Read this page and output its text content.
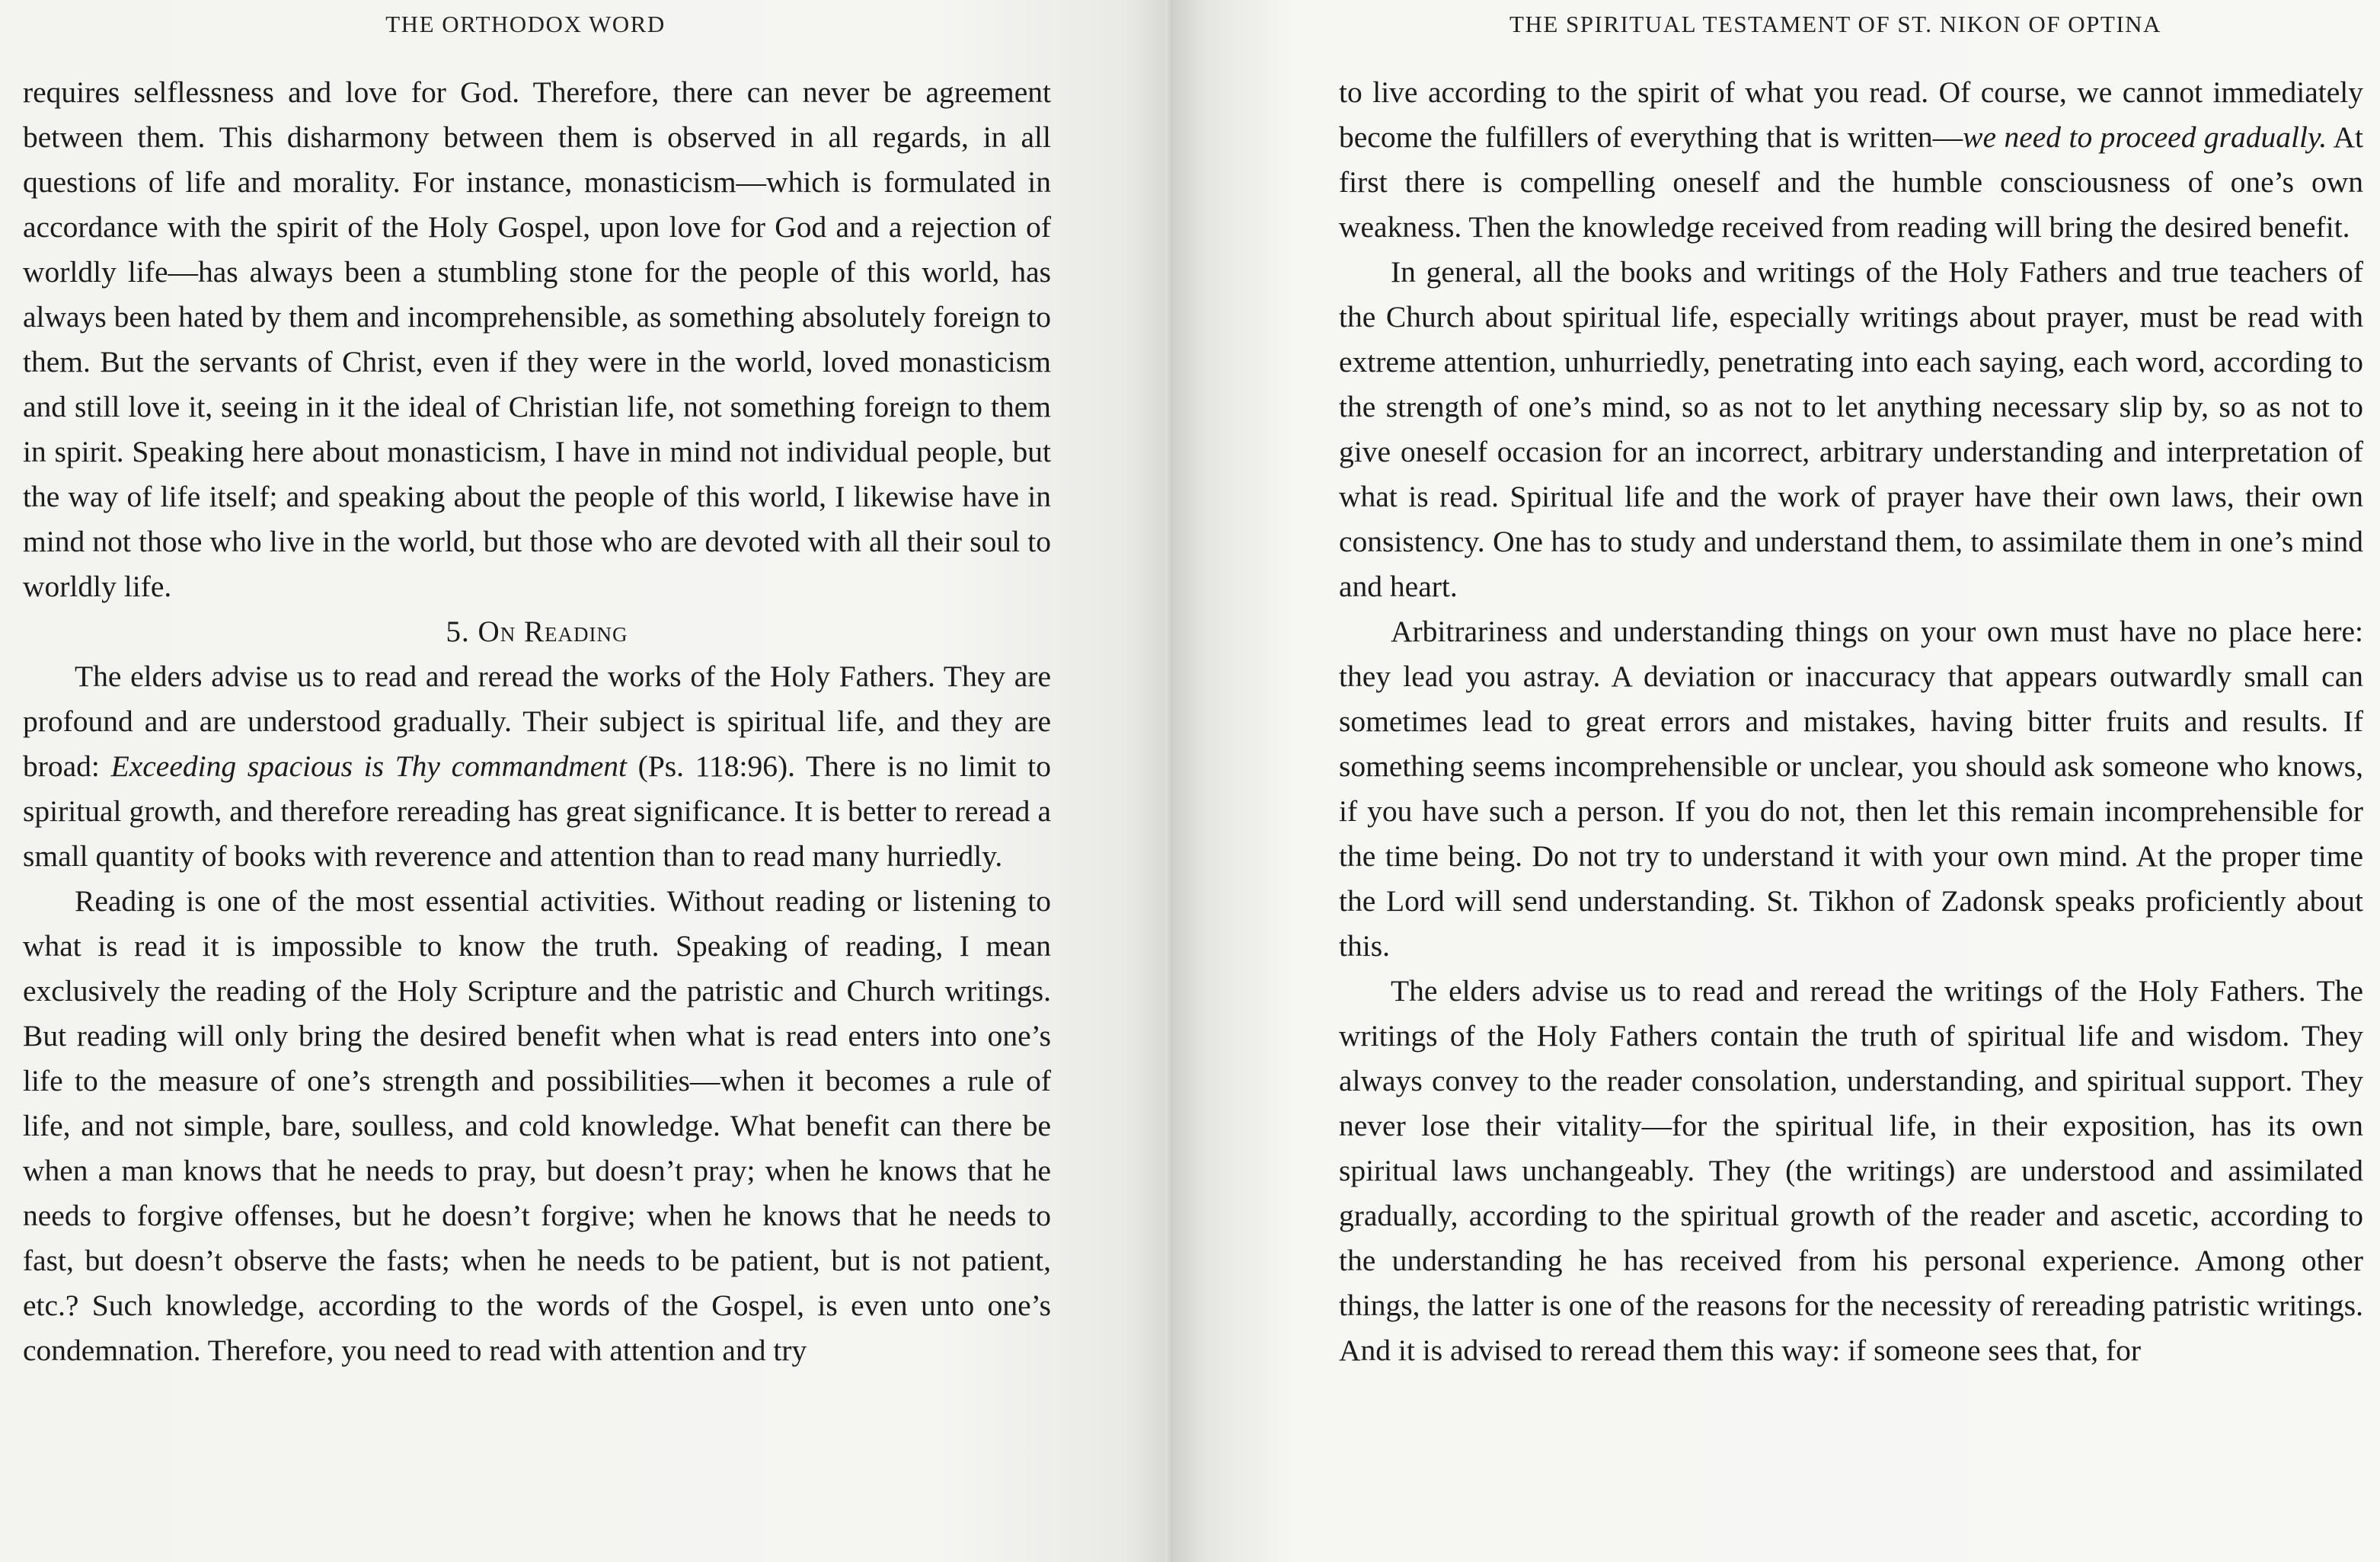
THE ORTHODOX WORD

requires selflessness and love for God. Therefore, there can never be agreement between them. This disharmony between them is observed in all regards, in all questions of life and morality. For instance, monasticism—which is formulated in accordance with the spirit of the Holy Gospel, upon love for God and a rejection of worldly life—has always been a stumbling stone for the people of this world, has always been hated by them and incomprehensible, as something absolutely foreign to them. But the servants of Christ, even if they were in the world, loved monasticism and still love it, seeing in it the ideal of Christian life, not something foreign to them in spirit. Speaking here about monasticism, I have in mind not individual people, but the way of life itself; and speaking about the people of this world, I likewise have in mind not those who live in the world, but those who are devoted with all their soul to worldly life.

5. On Reading

The elders advise us to read and reread the works of the Holy Fathers. They are profound and are understood gradually. Their subject is spiritual life, and they are broad: Exceeding spacious is Thy commandment (Ps. 118:96). There is no limit to spiritual growth, and therefore rereading has great significance. It is better to reread a small quantity of books with reverence and attention than to read many hurriedly.

Reading is one of the most essential activities. Without reading or listening to what is read it is impossible to know the truth. Speaking of reading, I mean exclusively the reading of the Holy Scripture and the patristic and Church writings. But reading will only bring the desired benefit when what is read enters into one’s life to the measure of one’s strength and possibilities—when it becomes a rule of life, and not simple, bare, soulless, and cold knowledge. What benefit can there be when a man knows that he needs to pray, but doesn’t pray; when he knows that he needs to forgive offenses, but he doesn’t forgive; when he knows that he needs to fast, but doesn’t observe the fasts; when he needs to be patient, but is not patient, etc.? Such knowledge, according to the words of the Gospel, is even unto one’s condemnation. Therefore, you need to read with attention and try

THE SPIRITUAL TESTAMENT OF ST. NIKON OF OPTINA

to live according to the spirit of what you read. Of course, we cannot immediately become the fulfillers of everything that is written—we need to proceed gradually. At first there is compelling oneself and the humble consciousness of one’s own weakness. Then the knowledge received from reading will bring the desired benefit.

In general, all the books and writings of the Holy Fathers and true teachers of the Church about spiritual life, especially writings about prayer, must be read with extreme attention, unhurriedly, penetrating into each saying, each word, according to the strength of one’s mind, so as not to let anything necessary slip by, so as not to give oneself occasion for an incorrect, arbitrary understanding and interpretation of what is read. Spiritual life and the work of prayer have their own laws, their own consistency. One has to study and understand them, to assimilate them in one’s mind and heart.

Arbitrariness and understanding things on your own must have no place here: they lead you astray. A deviation or inaccuracy that appears outwardly small can sometimes lead to great errors and mistakes, having bitter fruits and results. If something seems incomprehensible or unclear, you should ask someone who knows, if you have such a person. If you do not, then let this remain incomprehensible for the time being. Do not try to understand it with your own mind. At the proper time the Lord will send understanding. St. Tikhon of Zadonsk speaks proficiently about this.

The elders advise us to read and reread the writings of the Holy Fathers. The writings of the Holy Fathers contain the truth of spiritual life and wisdom. They always convey to the reader consolation, understanding, and spiritual support. They never lose their vitality—for the spiritual life, in their exposition, has its own spiritual laws unchangeably. They (the writings) are understood and assimilated gradually, according to the spiritual growth of the reader and ascetic, according to the understanding he has received from his personal experience. Among other things, the latter is one of the reasons for the necessity of rereading patristic writings. And it is advised to reread them this way: if someone sees that, for
